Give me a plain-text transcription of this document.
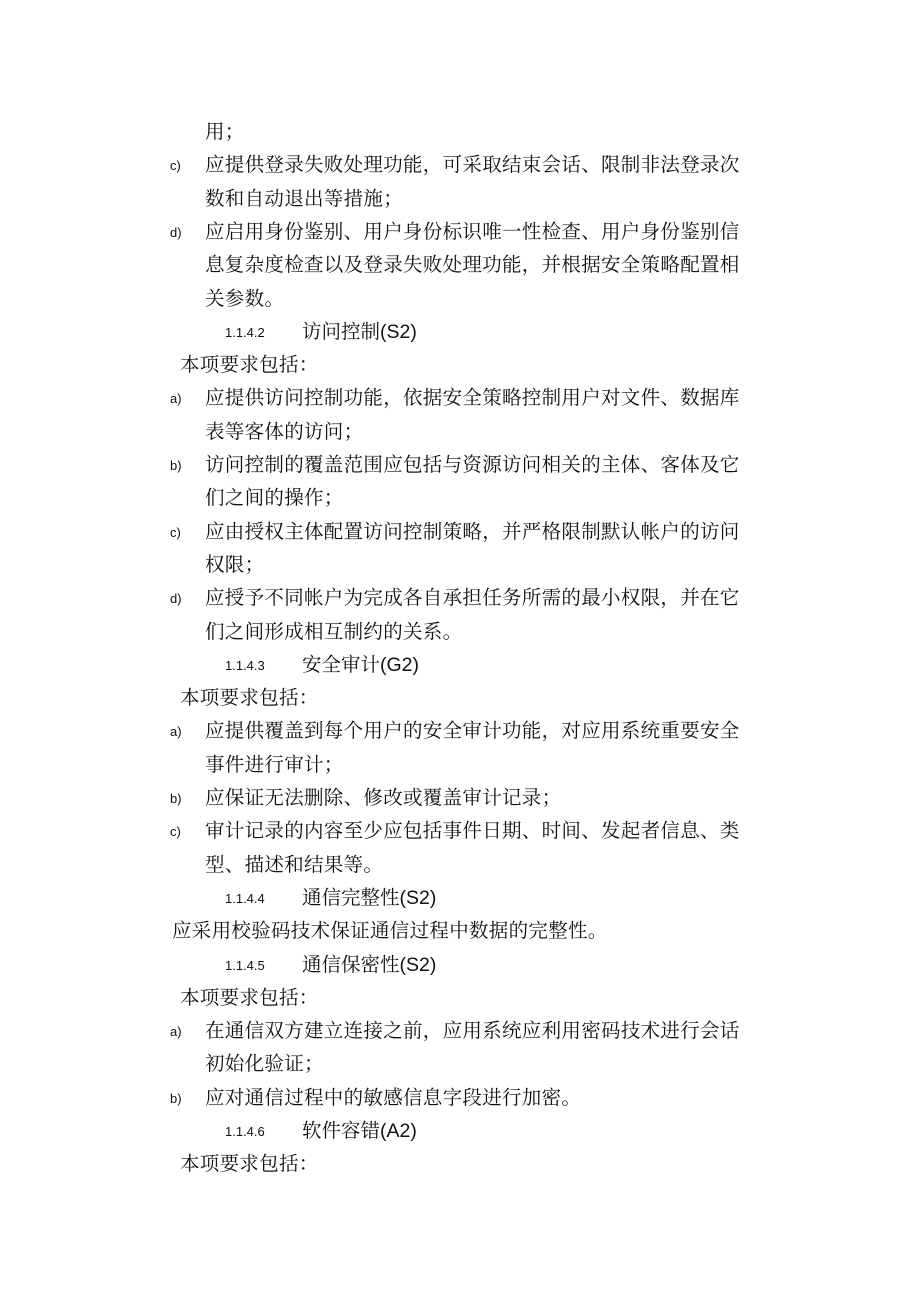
用；
c) 应提供登录失败处理功能，可采取结束会话、限制非法登录次
数和自动退出等措施；
d) 应启用身份鉴别、用户身份标识唯一性检查、用户身份鉴别信
息复杂度检查以及登录失败处理功能，并根据安全策略配置相
关参数。
1.1.4.2 访问控制(S2)
本项要求包括：
a) 应提供访问控制功能，依据安全策略控制用户对文件、数据库
表等客体的访问；
b) 访问控制的覆盖范围应包括与资源访问相关的主体、客体及它
们之间的操作；
c) 应由授权主体配置访问控制策略，并严格限制默认帐户的访问
权限；
d) 应授予不同帐户为完成各自承担任务所需的最小权限，并在它
们之间形成相互制约的关系。
1.1.4.3 安全审计(G2)
本项要求包括：
a) 应提供覆盖到每个用户的安全审计功能，对应用系统重要安全
事件进行审计；
b) 应保证无法删除、修改或覆盖审计记录；
c) 审计记录的内容至少应包括事件日期、时间、发起者信息、类
型、描述和结果等。
1.1.4.4 通信完整性(S2)
应采用校验码技术保证通信过程中数据的完整性。
1.1.4.5 通信保密性(S2)
本项要求包括：
a) 在通信双方建立连接之前，应用系统应利用密码技术进行会话
初始化验证；
b) 应对通信过程中的敏感信息字段进行加密。
1.1.4.6 软件容错(A2)
本项要求包括：
